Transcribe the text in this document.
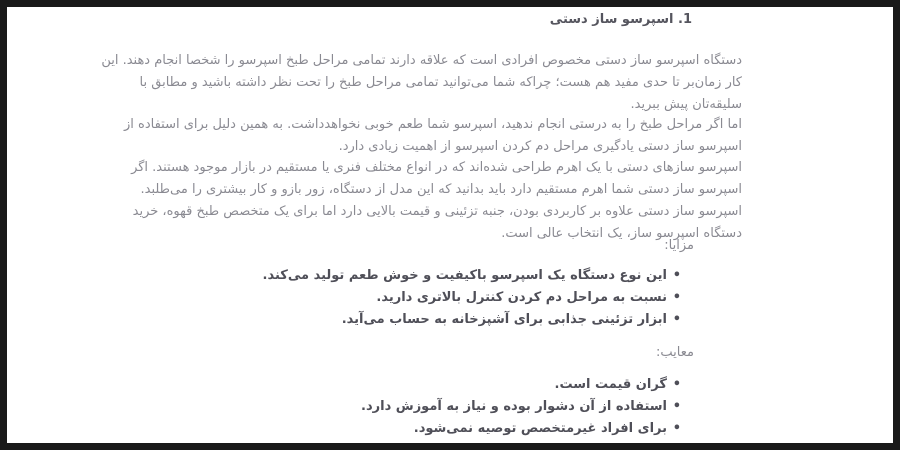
1. اسپرسو ساز دستی

دستگاه اسپرسو ساز دستی مخصوص افرادی است که علاقه دارند تمامی مراحل طبخ اسپرسو را شخصا انجام دهند. این کار زمان‌بر تا حدی مفید هم هست؛ چراکه شما می‌توانید تمامی مراحل طبخ را تحت نظر داشته باشید و مطابق با سلیقه‌تان پیش ببرید.

اما اگر مراحل طبخ را به درستی انجام ندهید، اسپرسو شما طعم خوبی نخواهدداشت. به همین دلیل برای استفاده از اسپرسو ساز دستی یادگیری مراحل دم کردن اسپرسو از اهمیت زیادی دارد.

اسپرسو سازهای دستی با یک اهرم طراحی شده‌اند که در انواع مختلف فنری یا مستقیم در بازار موجود هستند. اگر اسپرسو ساز دستی شما اهرم مستقیم دارد باید بدانید که این مدل از دستگاه، زور بازو و کار بیشتری را می‌طلبد. اسپرسو ساز دستی علاوه بر کاربردی بودن، جنبه تزئینی و قیمت بالایی دارد اما برای یک متخصص طبخ قهوه، خرید دستگاه اسپرسو ساز، یک انتخاب عالی است.

مزایا:
•
این نوع دستگاه یک اسپرسو باکیفیت و خوش طعم تولید می‌کند.
•
نسبت به مراحل دم کردن کنترل بالاتری دارید.
•
ابزار تزئینی جذابی برای آشپزخانه به حساب می‌آید.
معایب:
•
گران قیمت است.
•
استفاده از آن دشوار بوده و نیاز به آموزش دارد.
•
برای افراد غیرمتخصص توصیه نمی‌شود.
